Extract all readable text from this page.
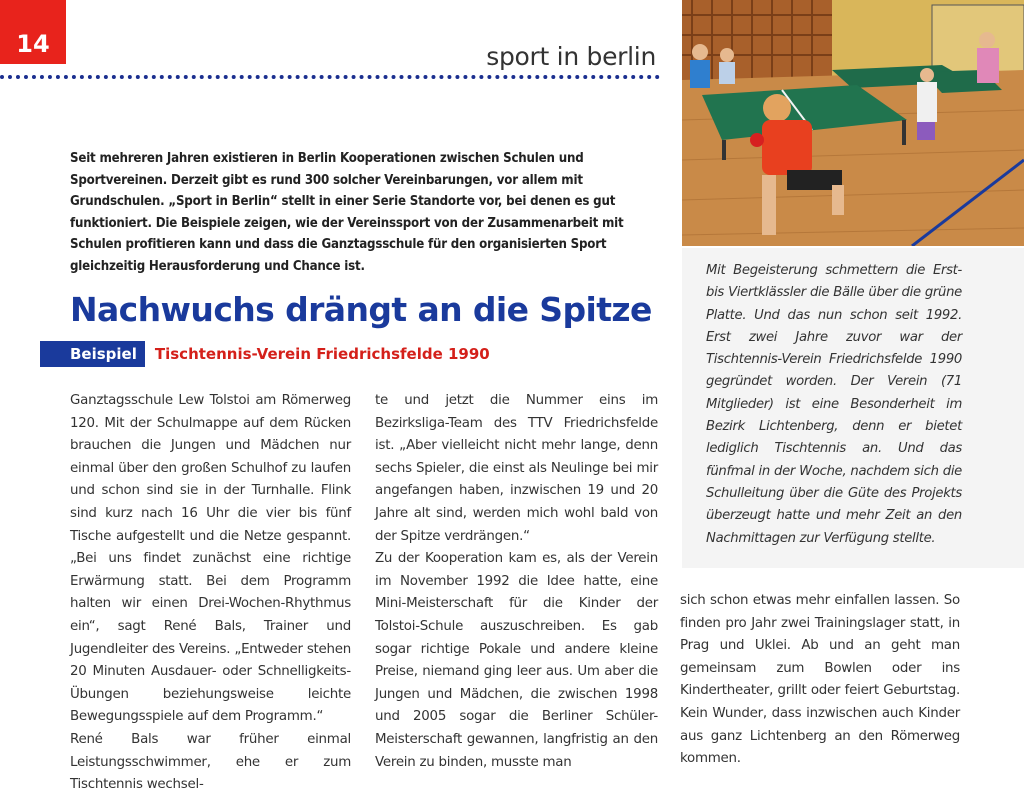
14	sport in berlin
Mit Begeisterung schmettern die Erst- bis Viertklässler die Bälle über die grüne Platte. Und das nun schon seit 1992. Erst zwei Jahre zuvor war der Tischtennis-Verein Friedrichsfelde 1990 gegründet worden. Der Verein (71 Mitglieder) ist eine Besonderheit im Bezirk Lichtenberg, denn er bietet lediglich Tischtennis an. Und das fünfmal in der Woche, nachdem sich die Schulleitung über die Güte des Projekts überzeugt hatte und mehr Zeit an den Nachmittagen zur Verfügung stellte.
Seit mehreren Jahren existieren in Berlin Kooperationen zwischen Schulen und Sportvereinen. Derzeit gibt es rund 300 solcher Vereinbarungen, vor allem mit Grundschulen. „Sport in Berlin“ stellt in einer Serie Standorte vor, bei denen es gut funktioniert. Die Beispiele zeigen, wie der Vereinssport von der Zusammenarbeit mit Schulen profitieren kann und dass die Ganztagsschule für den organisierten Sport gleichzeitig Herausforderung und Chance ist.
Nachwuchs drängt an die Spitze
Beispiel	Tischtennis-Verein Friedrichsfelde 1990

Ganztagsschule Lew Tolstoi am Römerweg 120. Mit der Schulmappe auf dem Rücken brauchen die Jungen und Mädchen nur einmal über den großen Schulhof zu laufen und schon sind sie in der Turnhalle. Flink sind kurz nach 16 Uhr die vier bis fünf Tische aufgestellt und die Netze gespannt. „Bei uns findet zunächst eine richtige Erwärmung statt. Bei dem Programm halten wir einen Drei-Wochen-Rhythmus ein“, sagt René Bals, Trainer und Jugendleiter des Vereins. „Entweder stehen 20 Minuten Ausdauer- oder Schnelligkeits-Übungen beziehungsweise leichte Bewegungsspiele auf dem Programm.“

René Bals war früher einmal Leistungsschwimmer, ehe er zum Tischtennis wechsel-

te und jetzt die Nummer eins im Bezirksliga-Team des TTV Friedrichsfelde ist. „Aber vielleicht nicht mehr lange, denn sechs Spieler, die einst als Neulinge bei mir angefangen haben, inzwischen 19 und 20 Jahre alt sind, werden mich wohl bald von der Spitze verdrängen.“

Zu der Kooperation kam es, als der Verein im November 1992 die Idee hatte, eine Mini-Meisterschaft für die Kinder der Tolstoi-Schule auszuschreiben. Es gab sogar richtige Pokale und andere kleine Preise, niemand ging leer aus. Um aber die Jungen und Mädchen, die zwischen 1998 und 2005 sogar die Berliner Schüler-Meisterschaft gewannen, langfristig an den Verein zu binden, musste man

sich schon etwas mehr einfallen lassen. So finden pro Jahr zwei Trainingslager statt, in Prag und Uklei. Ab und an geht man gemeinsam zum Bowlen oder ins Kindertheater, grillt oder feiert Geburtstag. Kein Wunder, dass inzwischen auch Kinder aus ganz Lichtenberg an den Römerweg kommen.
